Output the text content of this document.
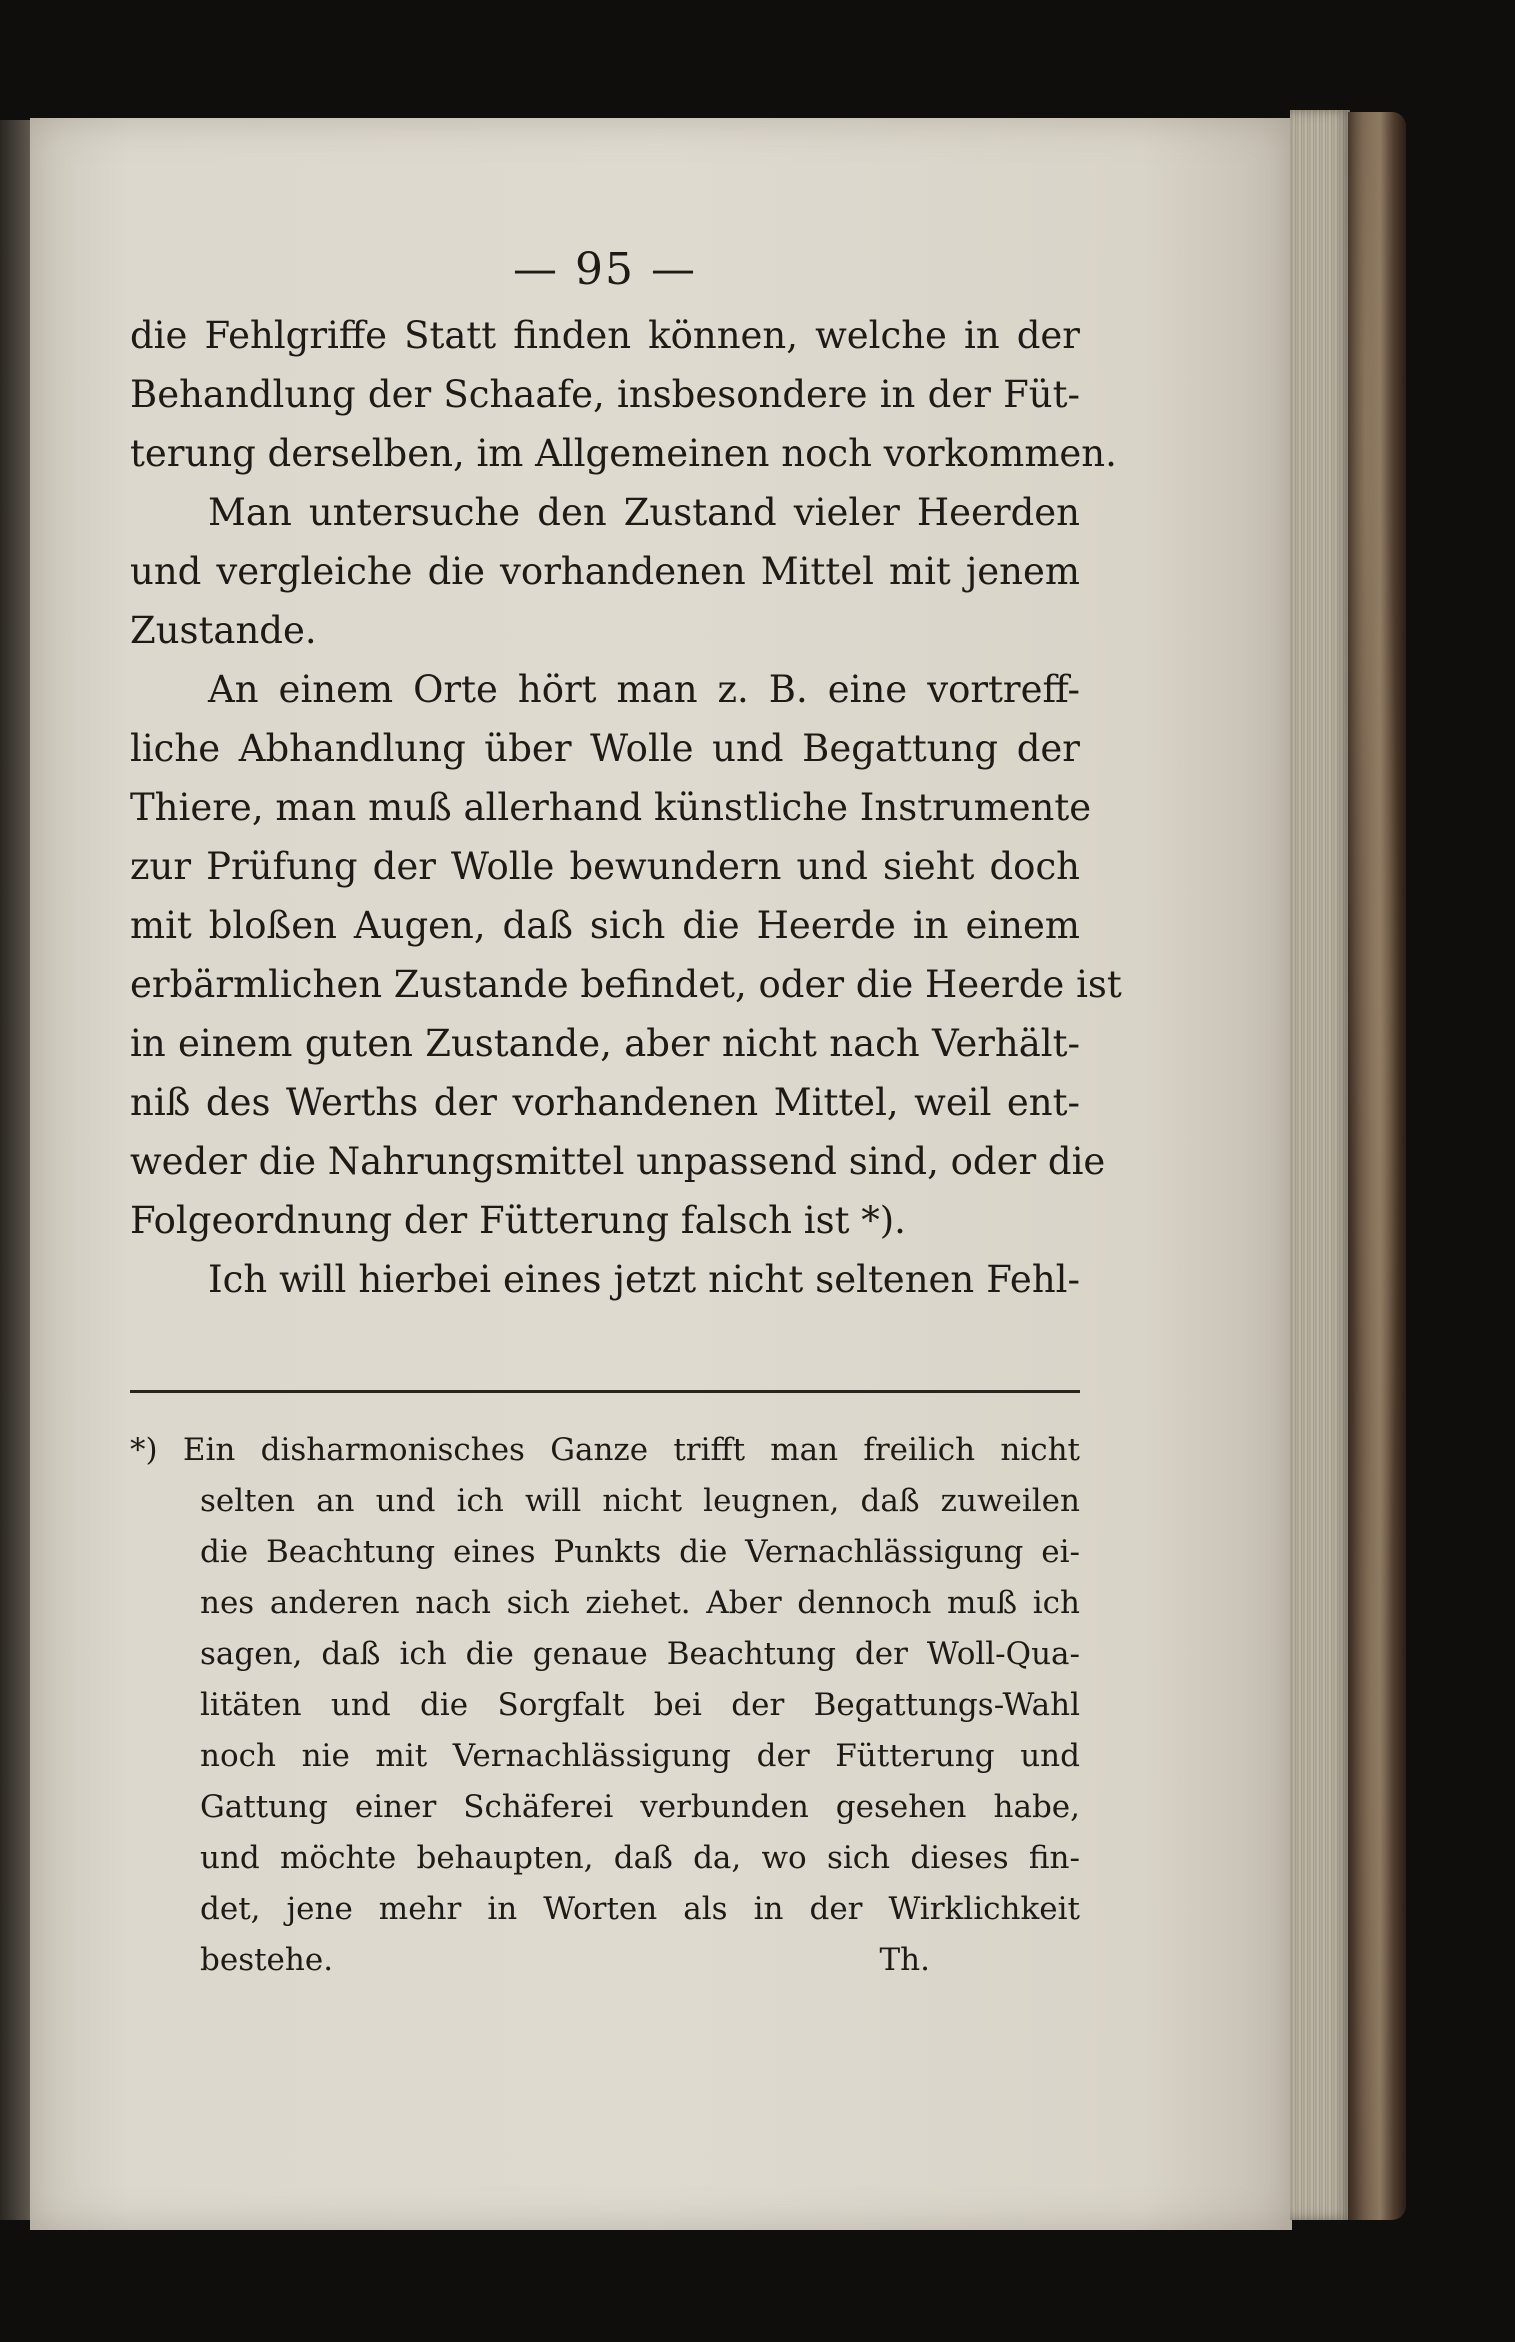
— 95 —
die Fehlgriffe Statt finden können, welche in der
Behandlung der Schaafe, insbesondere in der Füt-
terung derselben, im Allgemeinen noch vorkommen.
Man untersuche den Zustand vieler Heerden
und vergleiche die vorhandenen Mittel mit jenem
Zustande.
An einem Orte hört man z. B. eine vortreff-
liche Abhandlung über Wolle und Begattung der
Thiere, man muß allerhand künstliche Instrumente
zur Prüfung der Wolle bewundern und sieht doch
mit bloßen Augen, daß sich die Heerde in einem
erbärmlichen Zustande befindet, oder die Heerde ist
in einem guten Zustande, aber nicht nach Verhält-
niß des Werths der vorhandenen Mittel, weil ent-
weder die Nahrungsmittel unpassend sind, oder die
Folgeordnung der Fütterung falsch ist *).
Ich will hierbei eines jetzt nicht seltenen Fehl-
*) Ein disharmonisches Ganze trifft man freilich nicht
selten an und ich will nicht leugnen, daß zuweilen
die Beachtung eines Punkts die Vernachlässigung ei-
nes anderen nach sich ziehet. Aber dennoch muß ich
sagen, daß ich die genaue Beachtung der Woll-Qua-
litäten und die Sorgfalt bei der Begattungs-Wahl
noch nie mit Vernachlässigung der Fütterung und
Gattung einer Schäferei verbunden gesehen habe,
und möchte behaupten, daß da, wo sich dieses fin-
det, jene mehr in Worten als in der Wirklichkeit
bestehe.	Th.
